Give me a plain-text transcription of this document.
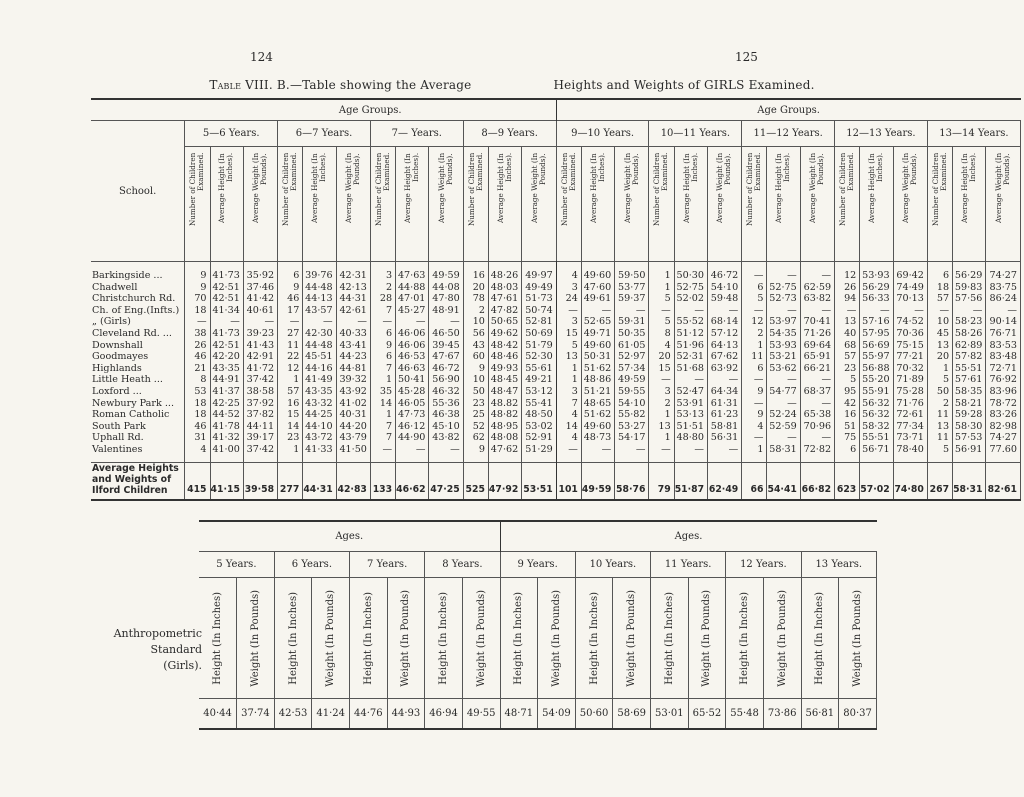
124	125
Table VIII. B.—Table showing the Average	Heights and Weights of GIRLS Examined.
	Age Groups.												Age Groups.														
School.	5—6 Years.			6—7 Years.			7— Years.			8—9 Years.			9—10 Years.			10—11 Years.			11—12 Years.			12—13 Years.			13—14 Years.		

	Number of Children Examined.	Average Height (In Inches).	Average Weight (In Pounds).	Number of Children Examined.	Average Height (In Inches).	Average Weight (In Pounds).	Number of Children Examined.	Average Height (In Inches).	Average Weight (In Pounds).	Number of Children Examined.	Average Height (In Inches).	Average Weight (In Pounds).	Number of Children Examined.	Average Height (In Inches).	Average Weight (In Pounds).	Number of Children Examined.	Average Height (In Inches).	Average Weight (In Pounds).	Number of Children Examined.	Average Height (In Inches).	Average Weight (In Pounds).	Number of Children Examined.	Average Height (In Inches).	Average Weight (In Pounds).	Number of Children Examined.	Average Height (In Inches).	Average Weight (In Pounds).

Barkingside ...	9	41·73	35·92	6	39·76	42·31	3	47·63	49·59	16	48·26	49·97	4	49·60	59·50	1	50·30	46·72	—	—	—	12	53·93	69·42	6	56·29	74·27
Chadwell	9	42·51	37·46	9	44·48	42·13	2	44·88	44·08	20	48·03	49·49	3	47·60	53·77	1	52·75	54·10	6	52·75	62·59	26	56·29	74·49	18	59·83	83·75
Christchurch Rd.	70	42·51	41·42	46	44·13	44·31	28	47·01	47·80	78	47·61	51·73	24	49·61	59·37	5	52·02	59·48	5	52·73	63·82	94	56·33	70·13	57	57·56	86·24
Ch. of Eng.(Infts.)	18	41·34	40·61	17	43·57	42·61	7	45·27	48·91	2	47·82	50·74	—	—	—	—	—	—	—	—	—	—	—	—	—	—	—
„ (Girls)	—	—	—	—	—	—	—	—	—	10	50·65	52·81	3	52·65	59·31	5	55·52	68·14	12	53·97	70·41	13	57·16	74·52	10	58·23	90·14
Cleveland Rd. ...	38	41·73	39·23	27	42·30	40·33	6	46·06	46·50	56	49·62	50·69	15	49·71	50·35	8	51·12	57·12	2	54·35	71·26	40	57·95	70·36	45	58·26	76·71
Downshall	26	42·51	41·43	11	44·48	43·41	9	46·06	39·45	43	48·42	51·79	5	49·60	61·05	4	51·96	64·13	1	53·93	69·64	68	56·69	75·15	13	62·89	83·53
Goodmayes	46	42·20	42·91	22	45·51	44·23	6	46·53	47·67	60	48·46	52·30	13	50·31	52·97	20	52·31	67·62	11	53·21	65·91	57	55·97	77·21	20	57·82	83·48
Highlands	21	43·35	41·72	12	44·16	44·81	7	46·63	46·72	9	49·93	55·61	1	51·62	57·34	15	51·68	63·92	6	53·62	66·21	23	56·88	70·32	1	55·51	72·71
Little Heath ...	8	44·91	37·42	1	41·49	39·32	1	50·41	56·90	10	48·45	49·21	1	48·86	49·59	—	—	—	—	—	—	5	55·20	71·89	5	57·61	76·92
Loxford ...	53	41·37	38·58	57	43·35	43·92	35	45·28	46·32	50	48·47	53·12	3	51·21	59·55	3	52·47	64·34	9	54·77	68·37	95	55·91	75·28	50	58·35	83·96
Newbury Park ...	18	42·25	37·92	16	43·32	41·02	14	46·05	55·36	23	48.82	55·41	7	48·65	54·10	2	53·91	61·31	—	—	—	42	56·32	71·76	2	58·21	78·72
Roman Catholic	18	44·52	37·82	15	44·25	40·31	1	47·73	46·38	25	48·82	48·50	4	51·62	55·82	1	53·13	61·23	9	52·24	65·38	16	56·32	72·61	11	59·28	83·26
South Park	46	41·78	44·11	14	44·10	44·20	7	46·12	45·10	52	48·95	53·02	14	49·60	53·27	13	51·51	58·81	4	52·59	70·96	51	58·32	77·34	13	58·30	82·98
Uphall Rd.	31	41·32	39·17	23	43·72	43·79	7	44·90	43·82	62	48·08	52·91	4	48·73	54·17	1	48·80	56·31	—	—	—	75	55·51	73·71	11	57·53	74·27
Valentines	4	41·00	37·42	1	41·33	41·50	—	—	—	9	47·62	51·29	—	—	—	—	—	—	1	58·31	72·82	6	56·71	78·40	5	56·91	77.60

Average Heights
and Weights of
Ilford Children	415	41·15	39·58	277	44·31	42·83	133	46·62	47·25	525	47·92	53·51	101	49·59	58·76	79	51·87	62·49	66	54·41	66·82	623	57·02	74·80	267	58·31	82·61
Anthropometric
Standard
(Girls).
Ages.								Ages.									
5 Years.		6 Years.		7 Years.		8 Years.		9 Years.		10 Years.		11 Years.		12 Years.		13 Years.	

Height (In Inches)	Weight (In Pounds)	Height (In Inches)	Weight (In Pounds)	Height (In Inches)	Weight (In Pounds)	Height (In Inches)	Weight (In Pounds)	Height (In Inches)	Weight (In Pounds)	Height (In Inches)	Weight (In Pounds)	Height (In Inches)	Weight (In Pounds)	Height (In Inches)	Weight (In Pounds)	Height (In Inches)	Weight (In Pounds)

40·44	37·74	42·53	41·24	44·76	44·93	46·94	49·55	48·71	54·09	50·60	58·69	53·01	65·52	55·48	73·86	56·81	80·37
